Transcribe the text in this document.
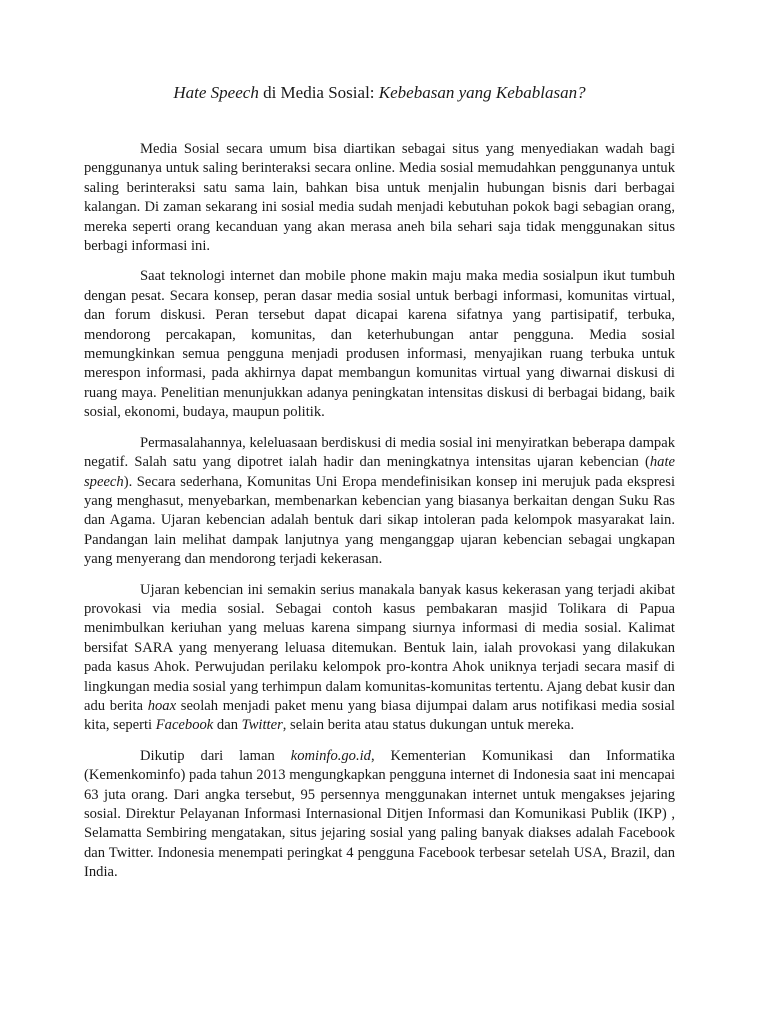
Hate Speech di Media Sosial: Kebebasan yang Kebablasan?

Media Sosial secara umum bisa diartikan sebagai situs yang menyediakan wadah bagi penggunanya untuk saling berinteraksi secara online. Media sosial memudahkan penggunanya untuk saling berinteraksi satu sama lain, bahkan bisa untuk menjalin hubungan bisnis dari berbagai kalangan. Di zaman sekarang ini sosial media sudah menjadi kebutuhan pokok bagi sebagian orang, mereka seperti orang kecanduan yang akan merasa aneh bila sehari saja tidak menggunakan situs berbagi informasi ini.

Saat teknologi internet dan mobile phone makin maju maka media sosialpun ikut tumbuh dengan pesat. Secara konsep, peran dasar media sosial untuk berbagi informasi, komunitas virtual, dan forum diskusi. Peran tersebut dapat dicapai karena sifatnya yang partisipatif, terbuka, mendorong percakapan, komunitas, dan keterhubungan antar pengguna. Media sosial memungkinkan semua pengguna menjadi produsen informasi, menyajikan ruang terbuka untuk merespon informasi, pada akhirnya dapat membangun komunitas virtual yang diwarnai diskusi di ruang maya. Penelitian menunjukkan adanya peningkatan intensitas diskusi di berbagai bidang, baik sosial, ekonomi, budaya, maupun politik.

Permasalahannya, keleluasaan berdiskusi di media sosial ini menyiratkan beberapa dampak negatif. Salah satu yang dipotret ialah hadir dan meningkatnya intensitas ujaran kebencian (hate speech). Secara sederhana, Komunitas Uni Eropa mendefinisikan konsep ini merujuk pada ekspresi yang menghasut, menyebarkan, membenarkan kebencian yang biasanya berkaitan dengan Suku Ras dan Agama. Ujaran kebencian adalah bentuk dari sikap intoleran pada kelompok masyarakat lain. Pandangan lain melihat dampak lanjutnya yang menganggap ujaran kebencian sebagai ungkapan yang menyerang dan mendorong terjadi kekerasan.

Ujaran kebencian ini semakin serius manakala banyak kasus kekerasan yang terjadi akibat provokasi via media sosial. Sebagai contoh kasus pembakaran masjid Tolikara di Papua menimbulkan keriuhan yang meluas karena simpang siurnya informasi di media sosial. Kalimat bersifat SARA yang menyerang leluasa ditemukan. Bentuk lain, ialah provokasi yang dilakukan pada kasus Ahok. Perwujudan perilaku kelompok pro-kontra Ahok uniknya terjadi secara masif di lingkungan media sosial yang terhimpun dalam komunitas-komunitas tertentu. Ajang debat kusir dan adu berita hoax seolah menjadi paket menu yang biasa dijumpai dalam arus notifikasi media sosial kita, seperti Facebook dan Twitter, selain berita atau status dukungan untuk mereka.

Dikutip dari laman kominfo.go.id, Kementerian Komunikasi dan Informatika (Kemenkominfo) pada tahun 2013 mengungkapkan pengguna internet di Indonesia saat ini mencapai 63 juta orang. Dari angka tersebut, 95 persennya menggunakan internet untuk mengakses jejaring sosial. Direktur Pelayanan Informasi Internasional Ditjen Informasi dan Komunikasi Publik (IKP) , Selamatta Sembiring mengatakan, situs jejaring sosial yang paling banyak diakses adalah Facebook dan Twitter. Indonesia menempati peringkat 4 pengguna Facebook terbesar setelah USA, Brazil, dan India.
